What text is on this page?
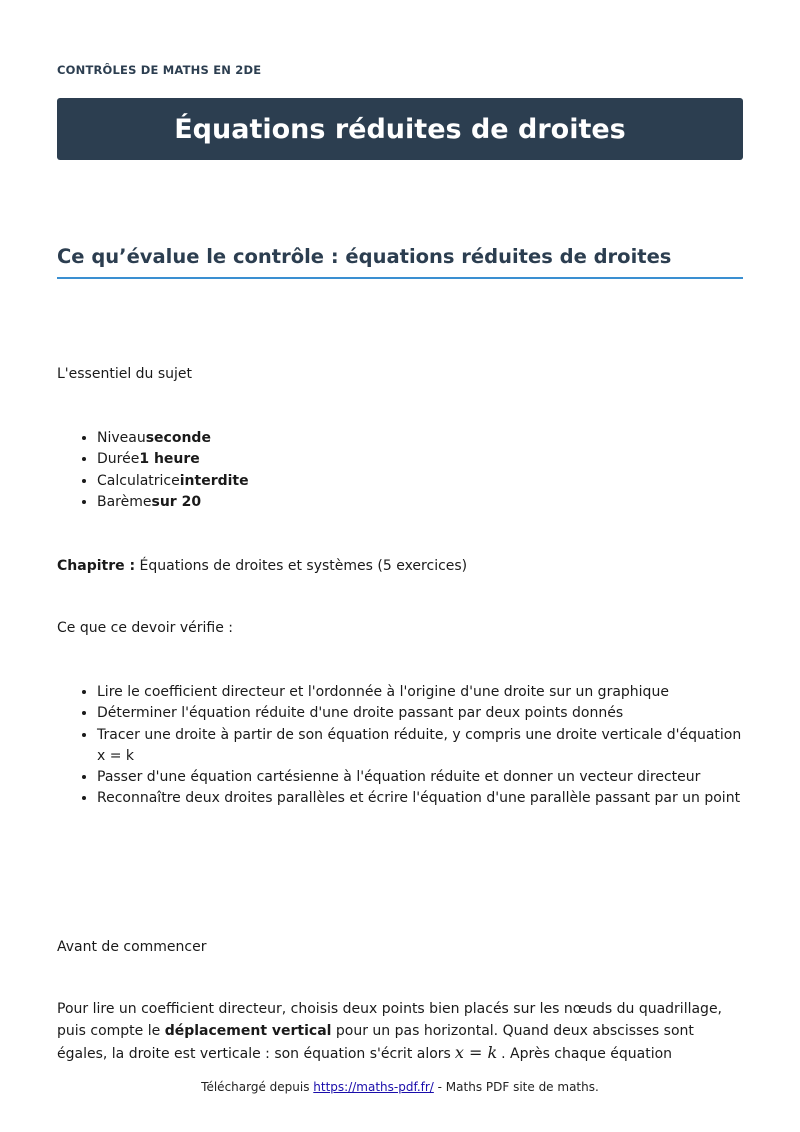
CONTRÔLES DE MATHS EN 2DE
Équations réduites de droites
Ce qu’évalue le contrôle : équations réduites de droites

L'essentiel du sujet

• Niveauseconde
• Durée1 heure
• Calculatriceinterdite
• Barèmesur 20

Chapitre : Équations de droites et systèmes (5 exercices)

Ce que ce devoir vérifie :

• Lire le coefficient directeur et l'ordonnée à l'origine d'une droite sur un graphique
• Déterminer l'équation réduite d'une droite passant par deux points donnés
• Tracer une droite à partir de son équation réduite, y compris une droite verticale d'équation x = k
• Passer d'une équation cartésienne à l'équation réduite et donner un vecteur directeur
• Reconnaître deux droites parallèles et écrire l'équation d'une parallèle passant par un point

Avant de commencer

Pour lire un coefficient directeur, choisis deux points bien placés sur les nœuds du quadrillage, puis compte le déplacement vertical pour un pas horizontal. Quand deux abscisses sont égales, la droite est verticale : son équation s'écrit alors x = k . Après chaque équation

Téléchargé depuis https://maths-pdf.fr/ - Maths PDF site de maths.
